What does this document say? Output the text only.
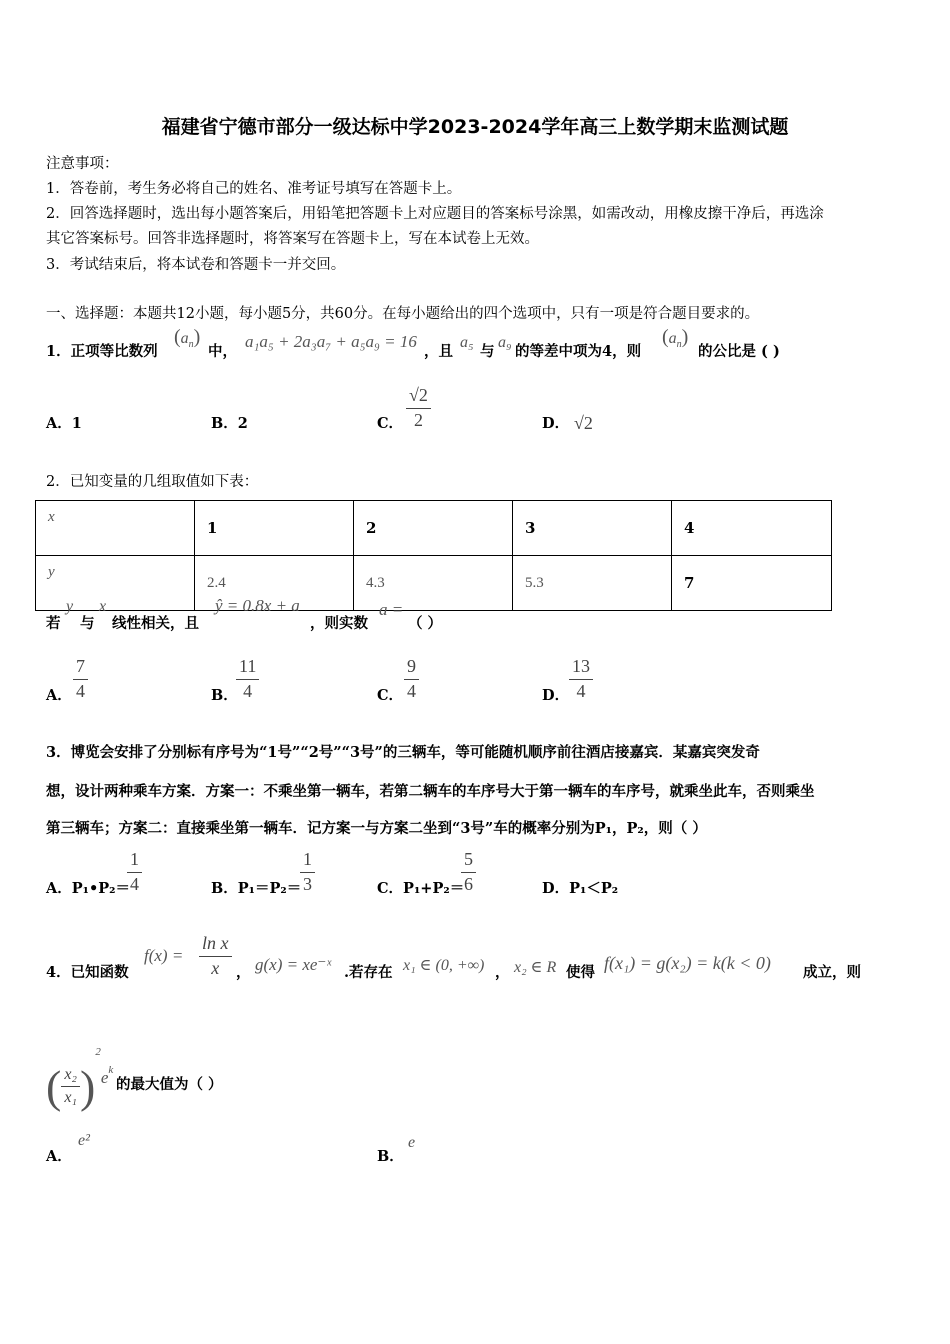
福建省宁德市部分一级达标中学2023-2024学年高三上数学期末监测试题
注意事项：
1．答卷前，考生务必将自己的姓名、准考证号填写在答题卡上。
2．回答选择题时，选出每小题答案后，用铅笔把答题卡上对应题目的答案标号涂黑，如需改动，用橡皮擦干净后，再选涂
其它答案标号。回答非选择题时，将答案写在答题卡上，写在本试卷上无效。
3．考试结束后，将本试卷和答题卡一并交回。
一、选择题：本题共12小题，每小题5分，共60分。在每小题给出的四个选项中，只有一项是符合题目要求的。
1．正项等比数列
$(a_n)$
中，
a₁a₅ + 2a₃a₇ + a₅a₉ = 16
，且
a₅
与
a₉
的等差中项为4，则
$(a_n)$
的公比是 ( )
A．1	B．2	C． $\frac{√2}{2}$	D． √2
2．已知变量的几组取值如下表：
x	1	2	3	4
y	2.4	4.3	5.3	7
若
y
与
x
线性相关，且
ŷ = 0.8x + a
，则实数
a =
（ ）
A． $\frac{7}{4}$	B．
$\frac{11}{4}$	C． $\frac{9}{4}$	D． $\frac{13}{4}$
3．博览会安排了分别标有序号为“1号”“2号”“3号”的三辆车，等可能随机顺序前往酒店接嘉宾．某嘉宾突发奇
想，设计两种乘车方案．方案一：不乘坐第一辆车，若第二辆车的车序号大于第一辆车的车序号，就乘坐此车，否则乘坐
第三辆车；方案二：直接乘坐第一辆车．记方案一与方案二坐到“3号”车的概率分别为P₁，P₂，则（ ）
A．P₁•P₂＝
$\frac{1}{4}$	B．P₁＝P₂＝
$\frac{1}{3}$	C．P₁+P₂＝
$\frac{5}{6}$	D．P₁＜P₂
4．已知函数
$f(x) = \frac{\text{ln x}}{x}$ ， g(x) = xe⁻ˣ .若存在 x₁ ∈ (0, +∞) ， x₂ ∈ R 使得 f(x₁) = g(x₂) = k(k < 0) 成立，则
( $\frac{\text{x₂}}{\text{x₁}} )^2e^k$
的最大值为（ ）
A．
e²
B．
e
